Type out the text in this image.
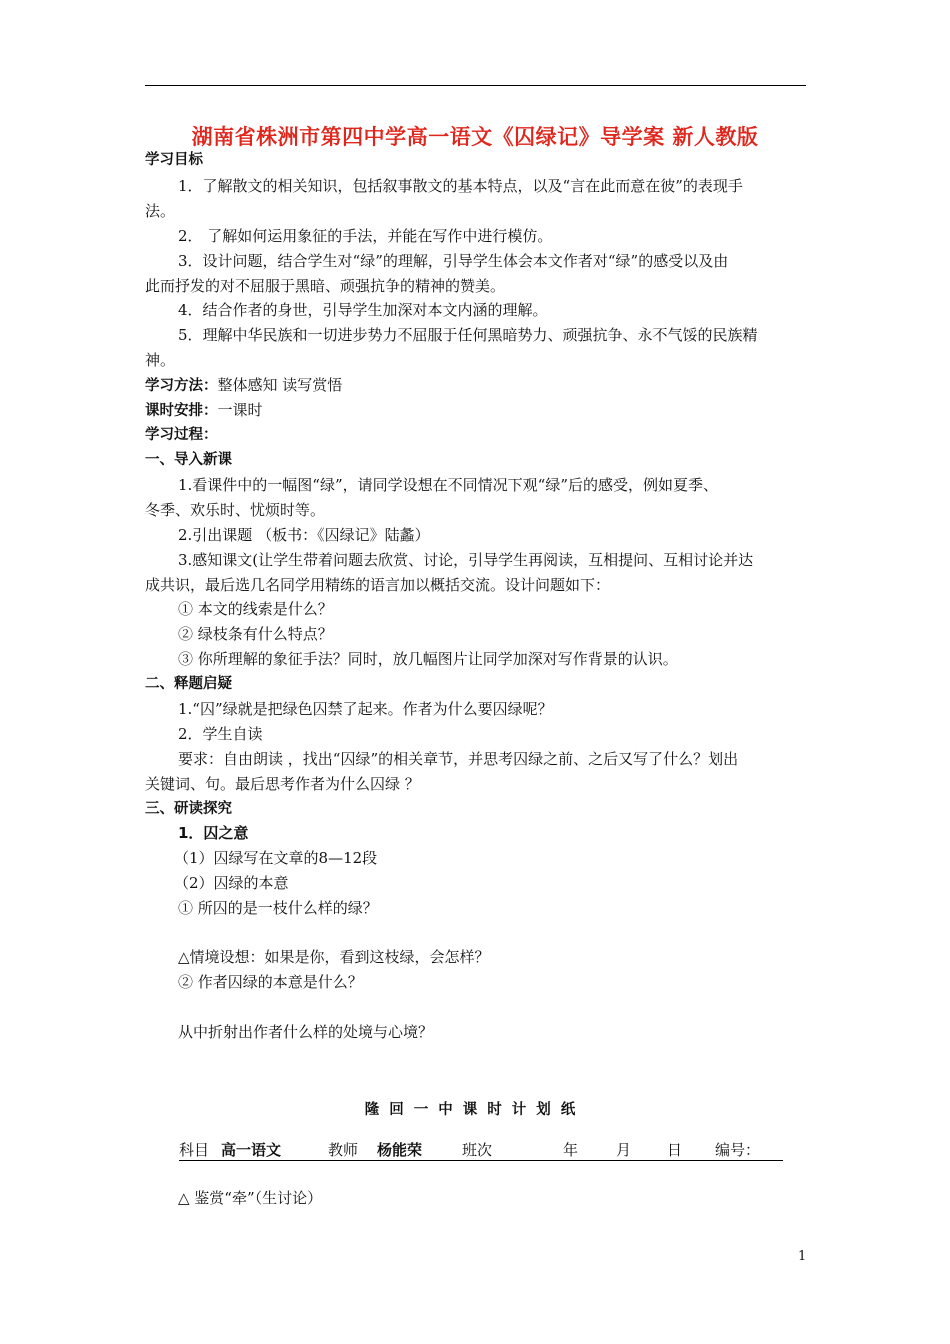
湖南省株洲市第四中学高一语文《囚绿记》导学案 新人教版
学习目标
1．了解散文的相关知识，包括叙事散文的基本特点，以及“言在此而意在彼”的表现手
法。
2． 了解如何运用象征的手法，并能在写作中进行模仿。
3．设计问题，结合学生对“绿”的理解，引导学生体会本文作者对“绿”的感受以及由
此而抒发的对不屈服于黑暗、顽强抗争的精神的赞美。
4．结合作者的身世，引导学生加深对本文内涵的理解。
5．理解中华民族和一切进步势力不屈服于任何黑暗势力、顽强抗争、永不气馁的民族精
神。
学习方法：整体感知 读写赏悟
课时安排：一课时
学习过程：
一、导入新课
1.看课件中的一幅图“绿”，请同学设想在不同情况下观“绿”后的感受，例如夏季、
冬季、欢乐时、忧烦时等。
2.引出课题 （板书：《囚绿记》陆蠡）
3.感知课文(让学生带着问题去欣赏、讨论，引导学生再阅读，互相提问、互相讨论并达
成共识，最后选几名同学用精练的语言加以概括交流。设计问题如下：
① 本文的线索是什么？
② 绿枝条有什么特点？
③ 你所理解的象征手法？同时，放几幅图片让同学加深对写作背景的认识。
二、释题启疑
1.“囚”绿就是把绿色囚禁了起来。作者为什么要囚绿呢？
2．学生自读
要求：自由朗读 ，找出“囚绿”的相关章节，并思考囚绿之前、之后又写了什么？划出
关键词、句。最后思考作者为什么囚绿 ？
三、研读探究
1．囚之意
（1）囚绿写在文章的8—12段
（2）囚绿的本意
① 所囚的是一枝什么样的绿？
△情境设想：如果是你，看到这枝绿，会怎样？
② 作者囚绿的本意是什么？
从中折射出作者什么样的处境与心境？
隆回一中课时计划纸
科目 高一语文	教师 杨能荣	班次	年	月 日 编号：
△ 鉴赏“牵”（生讨论）
1
